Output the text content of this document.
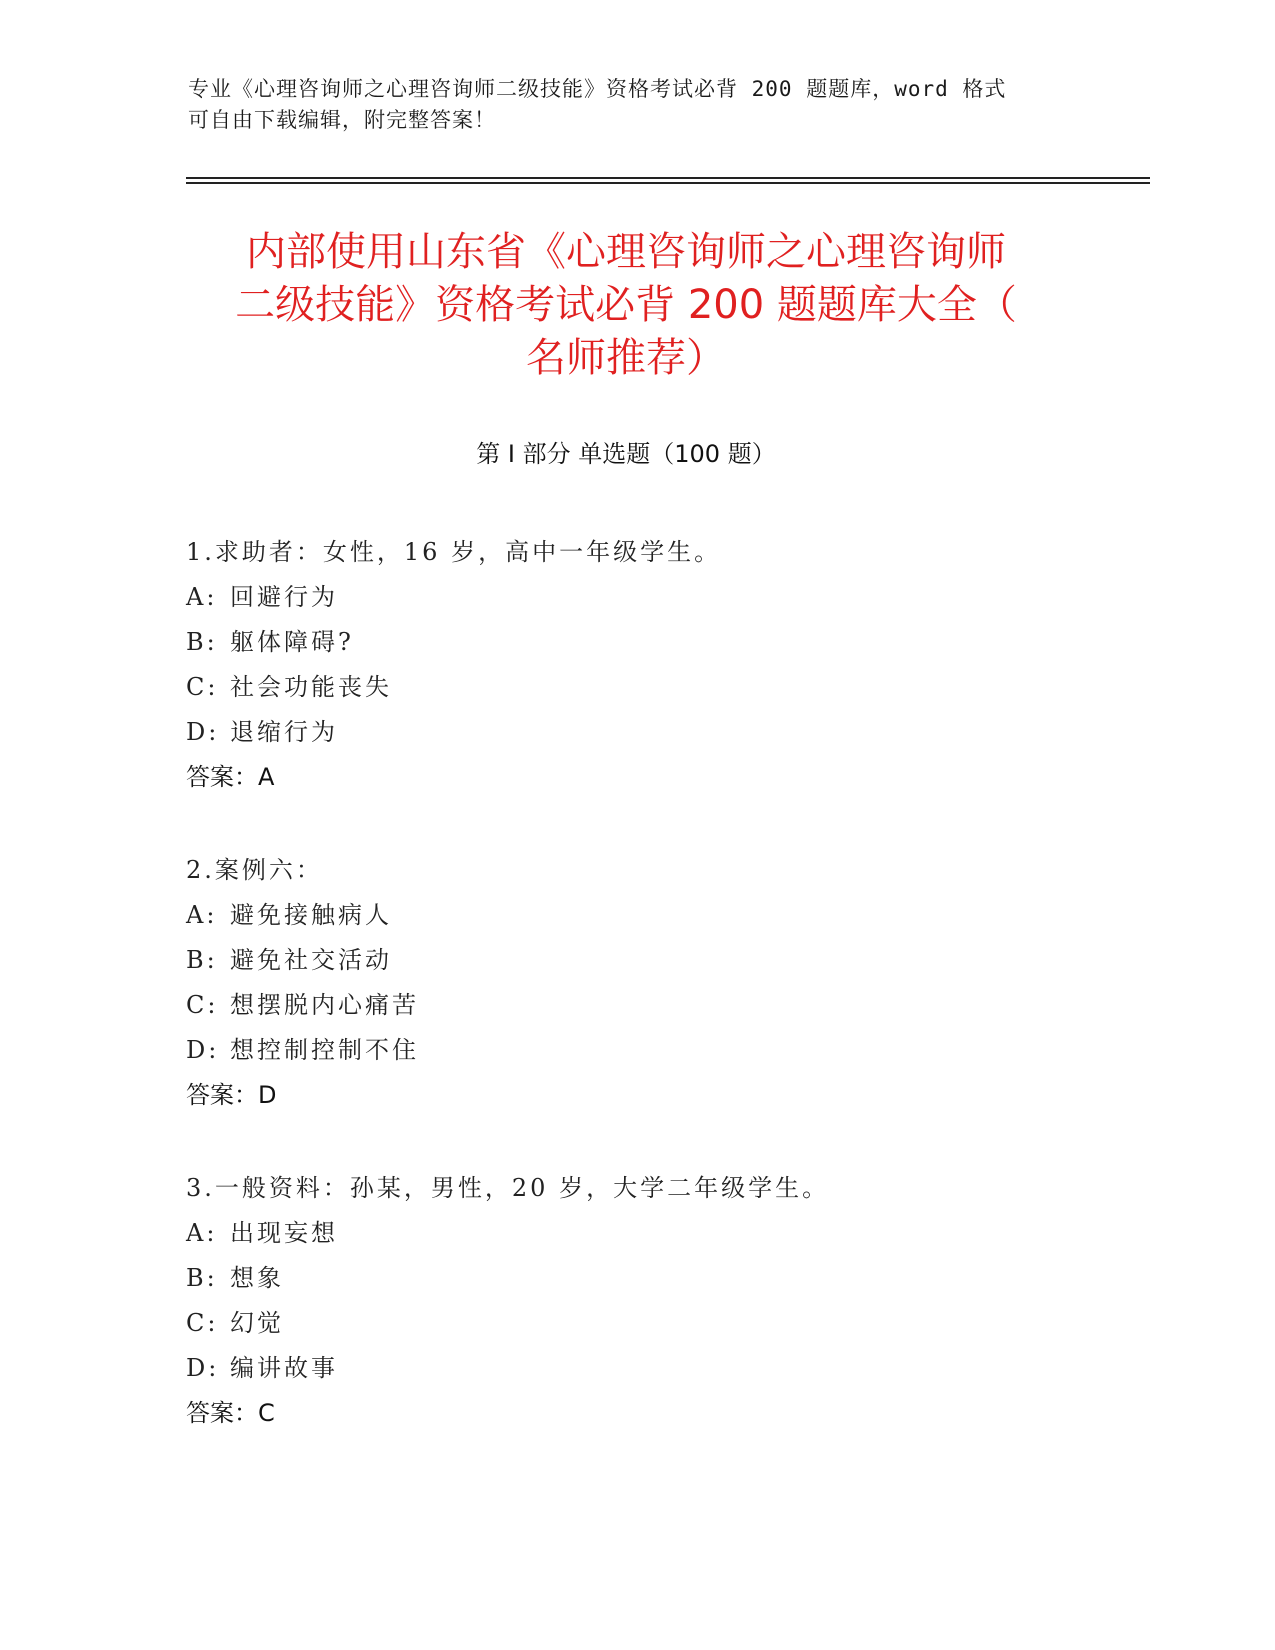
专业《心理咨询师之心理咨询师二级技能》资格考试必背 200 题题库，word 格式
可自由下载编辑，附完整答案！
内部使用山东省《心理咨询师之心理咨询师
二级技能》资格考试必背 200 题题库大全（
名师推荐）
第 I 部分 单选题（100 题）
1.求助者：女性，16 岁，高中一年级学生。
A: 回避行为
B: 躯体障碍?
C: 社会功能丧失
D: 退缩行为
答案：A
2.案例六：
A: 避免接触病人
B: 避免社交活动
C: 想摆脱内心痛苦
D: 想控制控制不住
答案：D
3.一般资料：孙某，男性，20 岁，大学二年级学生。
A: 出现妄想
B: 想象
C: 幻觉
D: 编讲故事
答案：C
